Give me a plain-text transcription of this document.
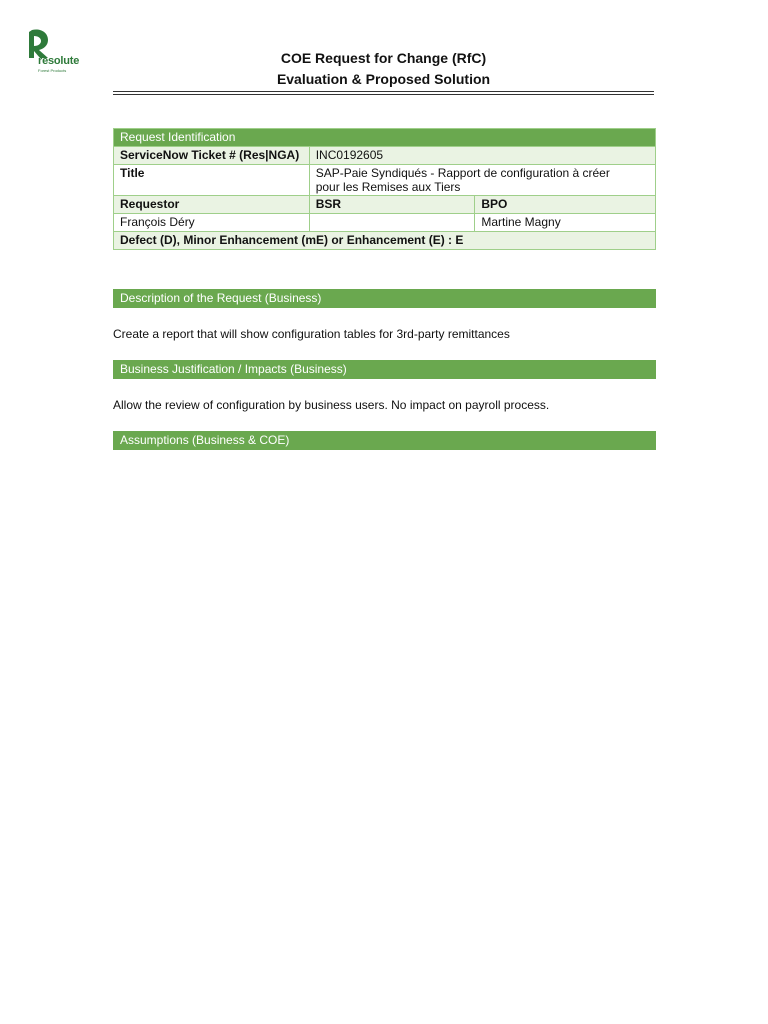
resolute
Forest Products
COE Request for Change (RfC)
Evaluation & Proposed Solution
Request Identification		
ServiceNow Ticket # (Res|NGA)	INC0192605	
Title	SAP-Paie Syndiqués - Rapport de configuration à créer
pour les Remises aux Tiers	

Requestor	BSR	BPO
François Déry		Martine Magny
Defect (D), Minor Enhancement (mE) or Enhancement (E) : E		
Description of the Request (Business)
Create a report that will show configuration tables for 3rd-party remittances
Business Justification / Impacts (Business)
Allow the review of configuration by business users. No impact on payroll process.
Assumptions (Business & COE)
